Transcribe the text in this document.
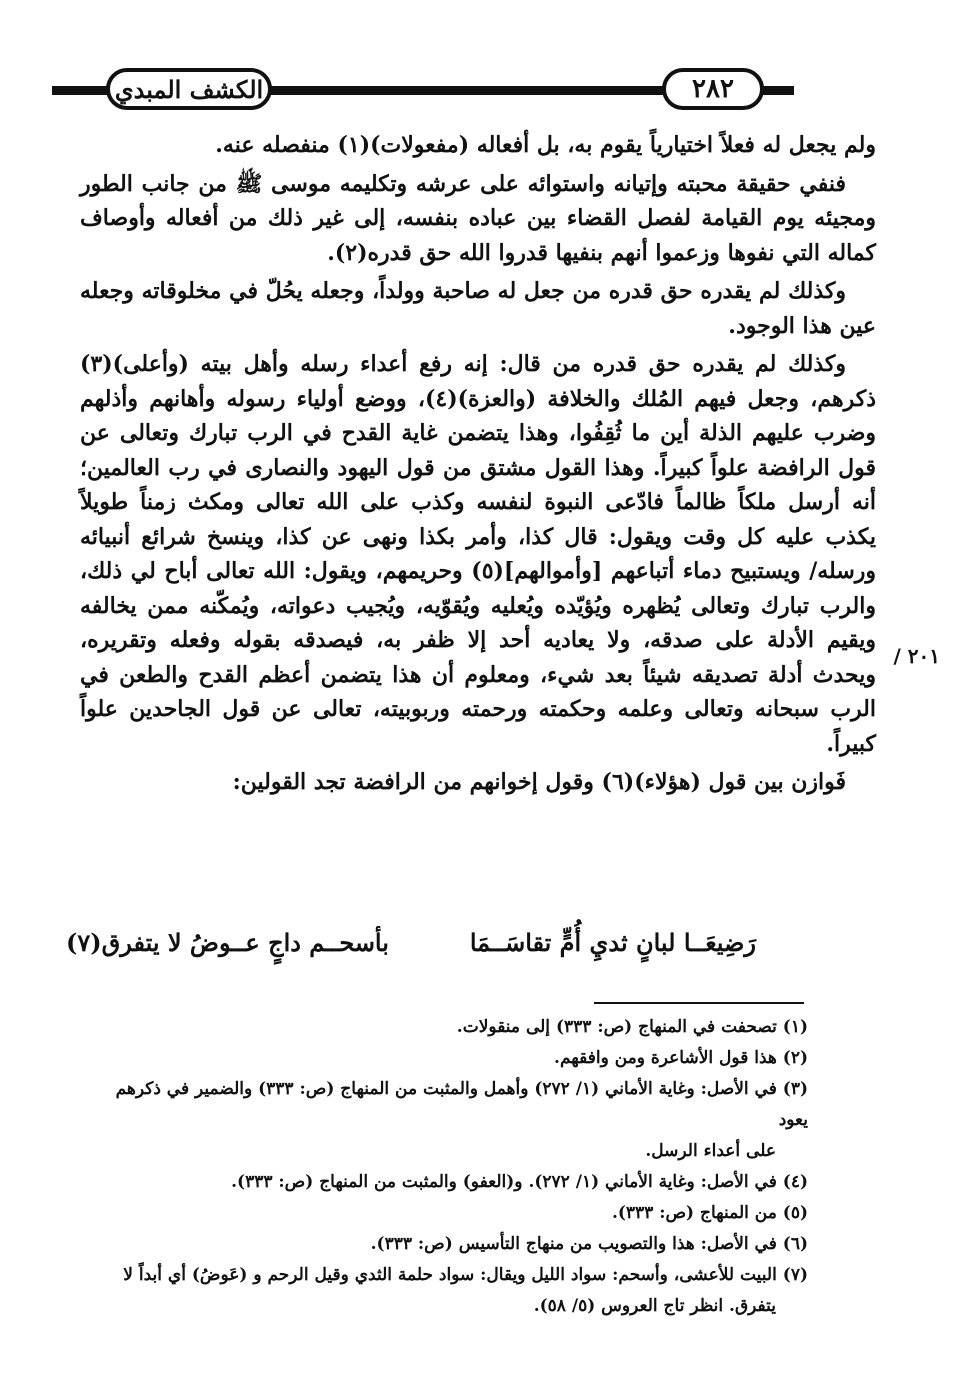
٢٨٢
الكشف المبدي
٢٠١ /

ولم يجعل له فعلاً اختيارياً يقوم به، بل أفعاله (مفعولات)(١) منفصله عنه.

فنفي حقيقة محبته وإتيانه واستوائه على عرشه وتكليمه موسى ﷺ من جانب الطور ومجيئه يوم القيامة لفصل القضاء بين عباده بنفسه، إلى غير ذلك من أفعاله وأوصاف كماله التي نفوها وزعموا أنهم بنفيها قدروا الله حق قدره(٢).

وكذلك لم يقدره حق قدره من جعل له صاحبة وولداً، وجعله يحُلّ في مخلوقاته وجعله عين هذا الوجود.

وكذلك لم يقدره حق قدره من قال: إنه رفع أعداء رسله وأهل بيته (وأعلى)(٣) ذكرهم، وجعل فيهم المُلك والخلافة (والعزة)(٤)، ووضع أولياء رسوله وأهانهم وأذلهم وضرب عليهم الذلة أين ما ثُقِفُوا، وهذا يتضمن غاية القدح في الرب تبارك وتعالى عن قول الرافضة علواً كبيراً. وهذا القول مشتق من قول اليهود والنصارى في رب العالمين؛ أنه أرسل ملكاً ظالماً فادّعى النبوة لنفسه وكذب على الله تعالى ومكث زمناً طويلاً يكذب عليه كل وقت ويقول: قال كذا، وأمر بكذا ونهى عن كذا، وينسخ شرائع أنبيائه ورسله/ ويستبيح دماء أتباعهم [وأموالهم](٥) وحريمهم، ويقول: الله تعالى أباح لي ذلك، والرب تبارك وتعالى يُظهره ويُؤيّده ويُعليه ويُقوّيه، ويُجيب دعواته، ويُمكّنه ممن يخالفه ويقيم الأدلة على صدقه، ولا يعاديه أحد إلا ظفر به، فيصدقه بقوله وفعله وتقريره، ويحدث أدلة تصديقه شيئاً بعد شيء، ومعلوم أن هذا يتضمن أعظم القدح والطعن في الرب سبحانه وتعالى وعلمه وحكمته ورحمته وربوبيته، تعالى عن قول الجاحدين علواً كبيراً.

فَوازن بين قول (هؤلاء)(٦) وقول إخوانهم من الرافضة تجد القولين:

رَضِيعَــا لبانٍ ثديِ أُمٍّ تقاسَــمَا
بأسحــم داجٍ عــوضُ لا يتفرق(٧)
(١) تصحفت في المنهاج (ص: ٣٣٣) إلى منقولات.
(٢) هذا قول الأشاعرة ومن وافقهم.
(٣) في الأصل: وغاية الأماني (١/ ٢٧٢) وأهمل والمثبت من المنهاج (ص: ٣٣٣) والضمير في ذكرهم يعود
على أعداء الرسل.
(٤) في الأصل: وغاية الأماني (١/ ٢٧٢). و(العفو) والمثبت من المنهاج (ص: ٣٣٣).
(٥) من المنهاج (ص: ٣٣٣).
(٦) في الأصل: هذا والتصويب من منهاج التأسيس (ص: ٣٣٣).
(٧) البيت للأعشى، وأسحم: سواد الليل ويقال: سواد حلمة الثدي وقيل الرحم و (عَوضُ) أي أبداً لا
يتفرق. انظر تاج العروس (٥/ ٥٨).
